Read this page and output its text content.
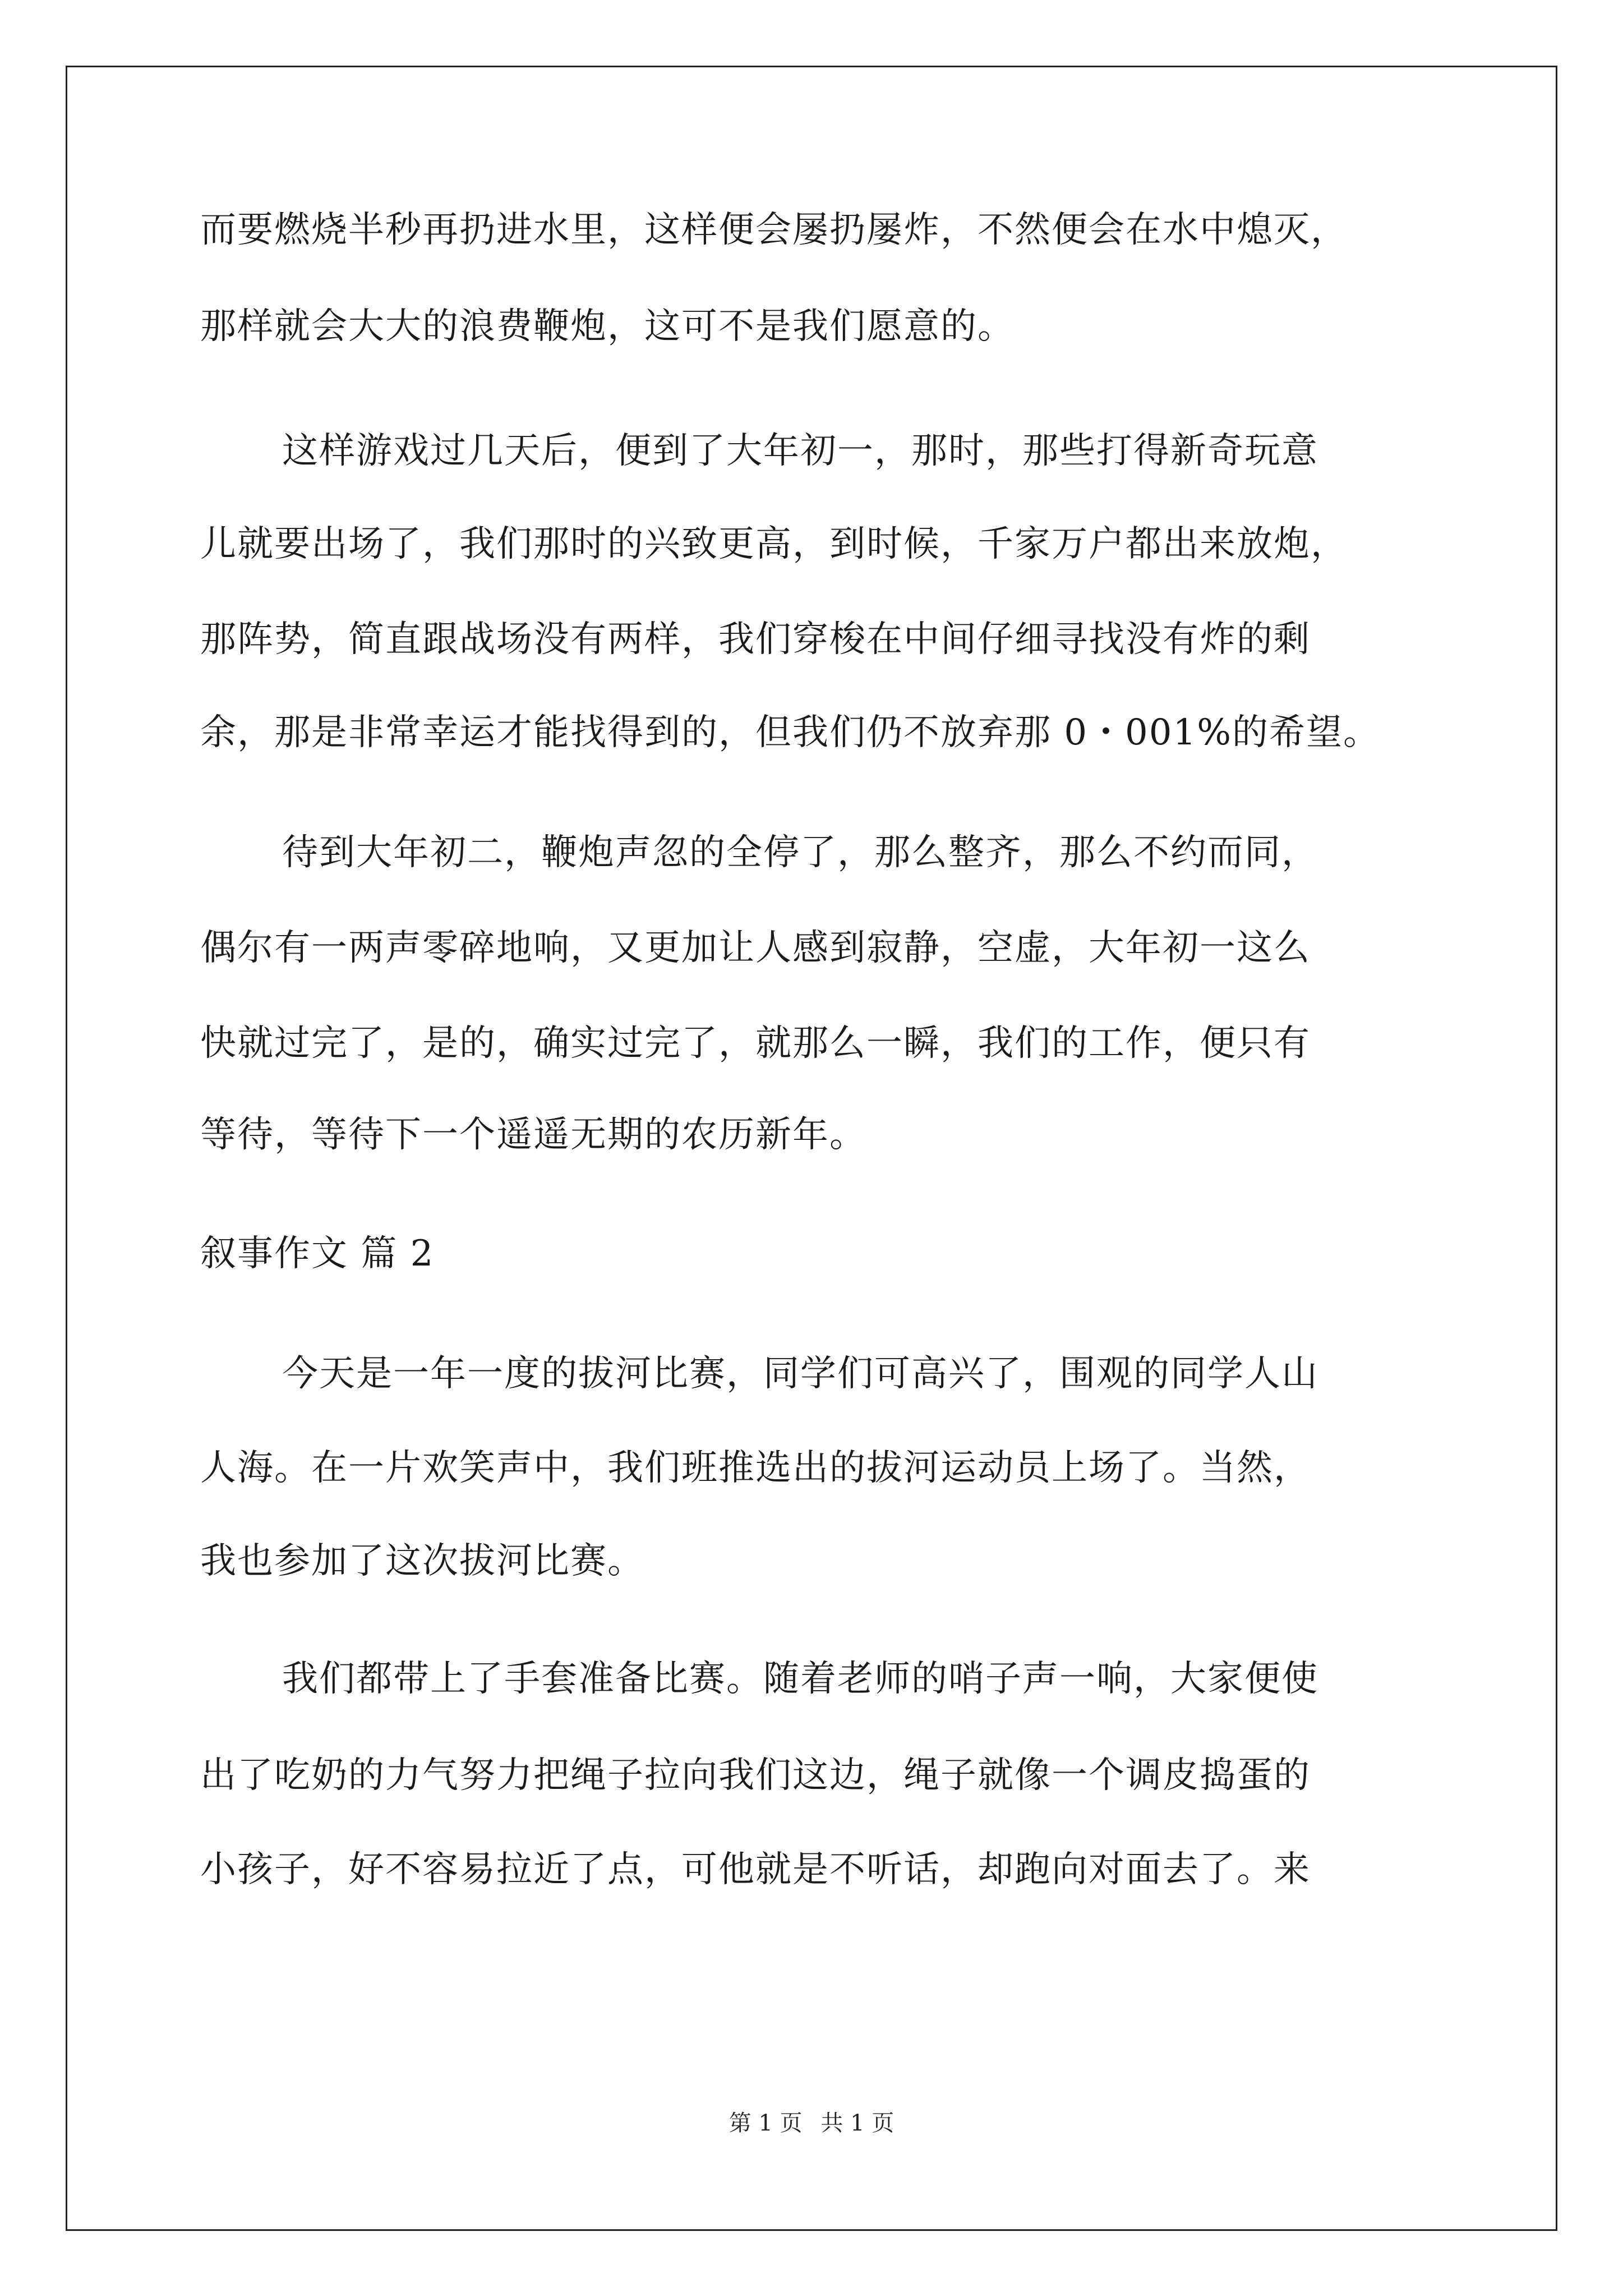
而要燃烧半秒再扔进水里，这样便会屡扔屡炸，不然便会在水中熄灭，
那样就会大大的浪费鞭炮，这可不是我们愿意的。
这样游戏过几天后，便到了大年初一，那时，那些打得新奇玩意
儿就要出场了，我们那时的兴致更高，到时候，千家万户都出来放炮，
那阵势，简直跟战场没有两样，我们穿梭在中间仔细寻找没有炸的剩
余，那是非常幸运才能找得到的，但我们仍不放弃那 0・001%的希望。
待到大年初二，鞭炮声忽的全停了，那么整齐，那么不约而同，
偶尔有一两声零碎地响，又更加让人感到寂静，空虚，大年初一这么
快就过完了，是的，确实过完了，就那么一瞬，我们的工作，便只有
等待，等待下一个遥遥无期的农历新年。
叙事作文 篇 2
今天是一年一度的拔河比赛，同学们可高兴了，围观的同学人山
人海。在一片欢笑声中，我们班推选出的拔河运动员上场了。当然，
我也参加了这次拔河比赛。
我们都带上了手套准备比赛。随着老师的哨子声一响，大家便使
出了吃奶的力气努力把绳子拉向我们这边，绳子就像一个调皮捣蛋的
小孩子，好不容易拉近了点，可他就是不听话，却跑向对面去了。来
第 1 页 共 1 页
